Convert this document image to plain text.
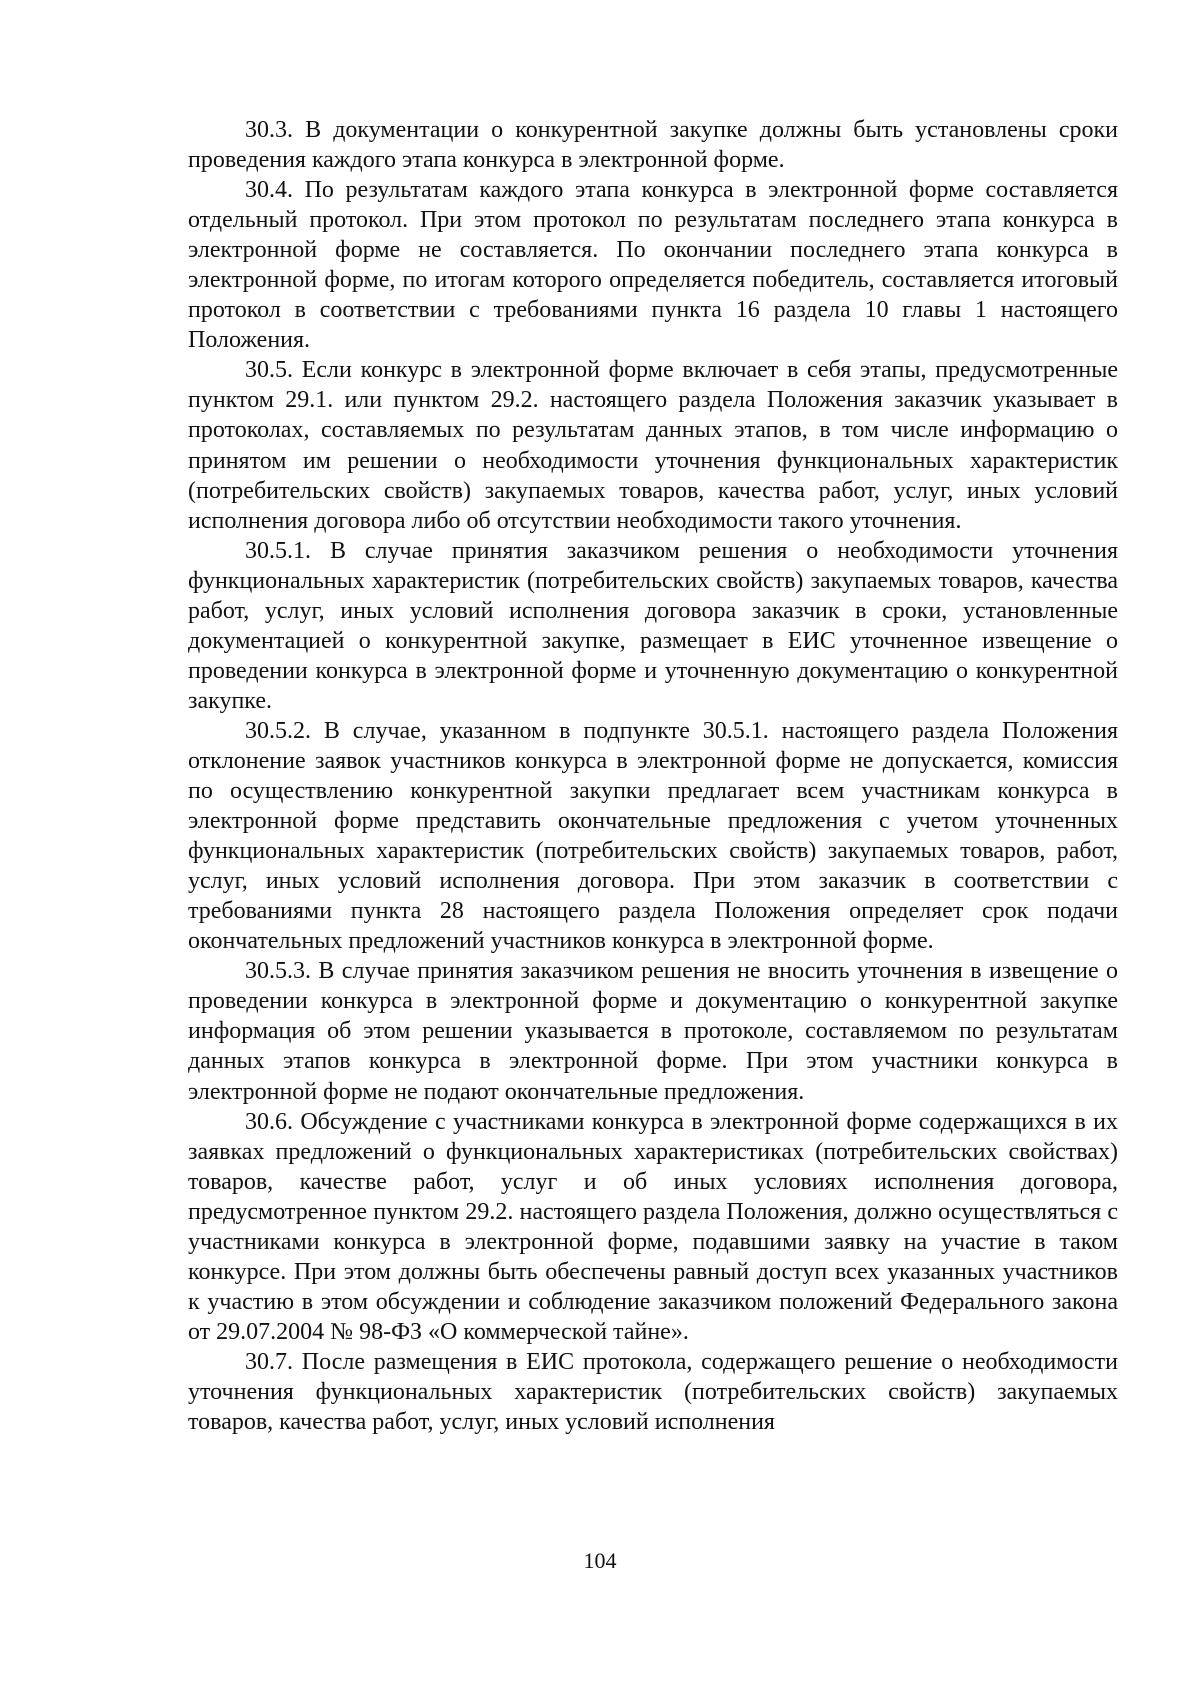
30.3. В документации о конкурентной закупке должны быть установлены сроки проведения каждого этапа конкурса в электронной форме.

30.4. По результатам каждого этапа конкурса в электронной форме составляется отдельный протокол. При этом протокол по результатам последнего этапа конкурса в электронной форме не составляется. По окончании последнего этапа конкурса в электронной форме, по итогам которого определяется победитель, составляется итоговый протокол в соответствии с требованиями пункта 16 раздела 10 главы 1 настоящего Положения.

30.5. Если конкурс в электронной форме включает в себя этапы, предусмотренные пунктом 29.1. или пунктом 29.2. настоящего раздела Положения заказчик указывает в протоколах, составляемых по результатам данных этапов, в том числе информацию о принятом им решении о необходимости уточнения функциональных характеристик (потребительских свойств) закупаемых товаров, качества работ, услуг, иных условий исполнения договора либо об отсутствии необходимости такого уточнения.

30.5.1. В случае принятия заказчиком решения о необходимости уточнения функциональных характеристик (потребительских свойств) закупаемых товаров, качества работ, услуг, иных условий исполнения договора заказчик в сроки, установленные документацией о конкурентной закупке, размещает в ЕИС уточненное извещение о проведении конкурса в электронной форме и уточненную документацию о конкурентной закупке.

30.5.2. В случае, указанном в подпункте 30.5.1. настоящего раздела Положения отклонение заявок участников конкурса в электронной форме не допускается, комиссия по осуществлению конкурентной закупки предлагает всем участникам конкурса в электронной форме представить окончательные предложения с учетом уточненных функциональных характеристик (потребительских свойств) закупаемых товаров, работ, услуг, иных условий исполнения договора. При этом заказчик в соответствии с требованиями пункта 28 настоящего раздела Положения определяет срок подачи окончательных предложений участников конкурса в электронной форме.

30.5.3. В случае принятия заказчиком решения не вносить уточнения в извещение о проведении конкурса в электронной форме и документацию о конкурентной закупке информация об этом решении указывается в протоколе, составляемом по результатам данных этапов конкурса в электронной форме. При этом участники конкурса в электронной форме не подают окончательные предложения.

30.6. Обсуждение с участниками конкурса в электронной форме содержащихся в их заявках предложений о функциональных характеристиках (потребительских свойствах) товаров, качестве работ, услуг и об иных условиях исполнения договора, предусмотренное пунктом 29.2. настоящего раздела Положения, должно осуществляться с участниками конкурса в электронной форме, подавшими заявку на участие в таком конкурсе. При этом должны быть обеспечены равный доступ всех указанных участников к участию в этом обсуждении и соблюдение заказчиком положений Федерального закона от 29.07.2004 № 98-ФЗ «О коммерческой тайне».

30.7. После размещения в ЕИС протокола, содержащего решение о необходимости уточнения функциональных характеристик (потребительских свойств) закупаемых товаров, качества работ, услуг, иных условий исполнения

104
